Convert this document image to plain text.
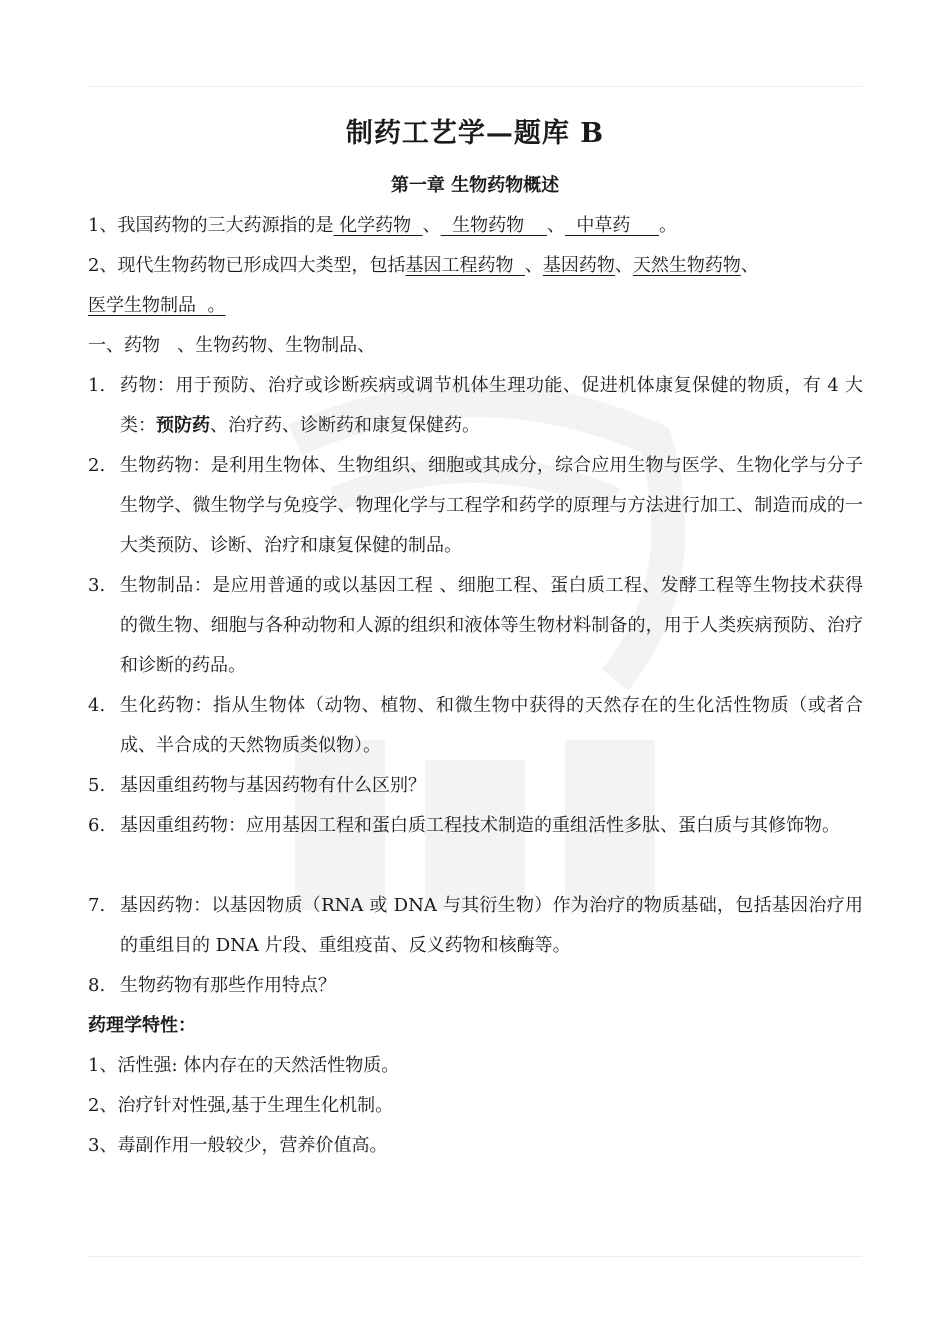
制药工艺学—题库 B
第一章 生物药物概述
1、我国药物的三大药源指的是 化学药物  、  生物药物    、  中草药     。
2、现代生物药物已形成四大类型，包括基因工程药物  、基因药物、天然生物药物、
医学生物制品  。
一、药物   、生物药物、生物制品、
1. 药物：用于预防、治疗或诊断疾病或调节机体生理功能、促进机体康复保健的物质，有 4 大类：预防药、治疗药、诊断药和康复保健药。
2. 生物药物：是利用生物体、生物组织、细胞或其成分，综合应用生物与医学、生物化学与分子生物学、微生物学与免疫学、物理化学与工程学和药学的原理与方法进行加工、制造而成的一大类预防、诊断、治疗和康复保健的制品。
3. 生物制品：是应用普通的或以基因工程 、细胞工程、蛋白质工程、发酵工程等生物技术获得的微生物、细胞与各种动物和人源的组织和液体等生物材料制备的，用于人类疾病预防、治疗和诊断的药品。
4. 生化药物：指从生物体（动物、植物、和微生物中获得的天然存在的生化活性物质（或者合成、半合成的天然物质类似物）。
5. 基因重组药物与基因药物有什么区别？
6. 基因重组药物：应用基因工程和蛋白质工程技术制造的重组活性多肽、蛋白质与其修饰物。
7. 基因药物：以基因物质（RNA 或 DNA 与其衍生物）作为治疗的物质基础，包括基因治疗用的重组目的 DNA 片段、重组疫苗、反义药物和核酶等。
8. 生物药物有那些作用特点？
药理学特性：
1、活性强: 体内存在的天然活性物质。
2、治疗针对性强,基于生理生化机制。
3、毒副作用一般较少，营养价值高。
